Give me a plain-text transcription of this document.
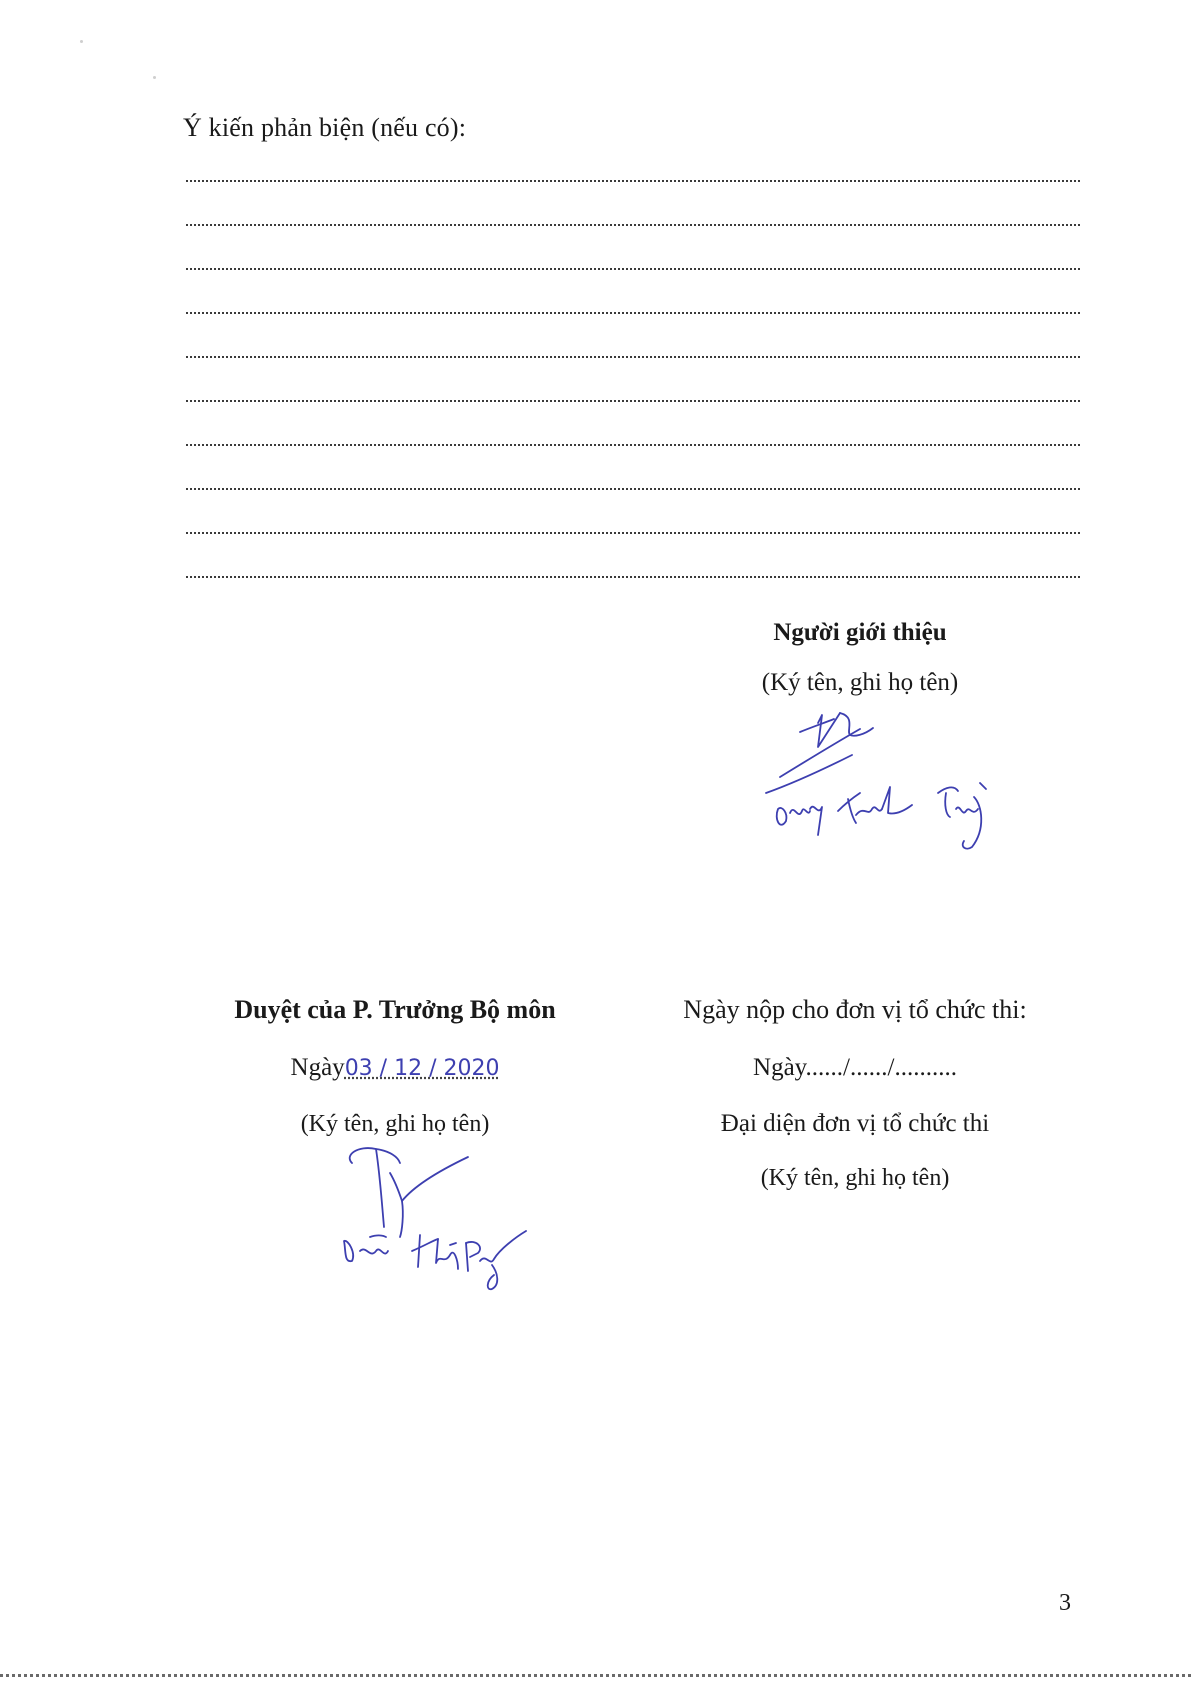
Ý kiến phản biện (nếu có):

Người giới thiệu

(Ký tên, ghi họ tên)

Duyệt của P. Trưởng Bộ môn

Ngày03 / 12 / 2020

(Ký tên, ghi họ tên)

Ngày nộp cho đơn vị tổ chức thi:

Ngày....../....../..........

Đại diện đơn vị tổ chức thi

(Ký tên, ghi họ tên)

3
